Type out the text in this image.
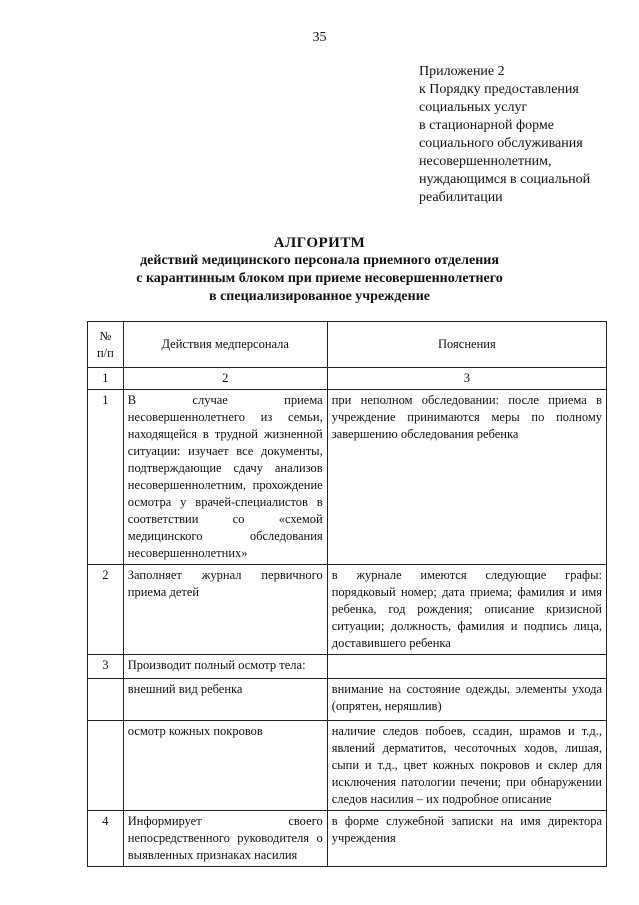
35
Приложение 2
к Порядку предоставления
социальных услуг
в стационарной форме
социального обслуживания
несовершеннолетним,
нуждающимся в социальной
реабилитации
АЛГОРИТМ
действий медицинского персонала приемного отделения
с карантинным блоком при приеме несовершеннолетнего
в специализированное учреждение
№
п/п	Действия медперсонала	Пояснения
1	2	3
1	В случае приема несовершеннолетнего из семьи, находящейся в трудной жизненной ситуации: изучает все документы, подтверждающие сдачу анализов несовершеннолетним, прохождение осмотра у врачей-специалистов в соответствии со «схемой медицинского обследования несовершеннолетних»	при неполном обследовании: после приема в учреждение принимаются меры по полному завершению обследования ребенка
2	Заполняет журнал первичного приема детей	в журнале имеются следующие графы: порядковый номер; дата приема; фамилия и имя ребенка, год рождения; описание кризисной ситуации; должность, фамилия и подпись лица, доставившего ребенка
3	Производит полный осмотр тела:	
	внешний вид ребенка	внимание на состояние одежды, элементы ухода (опрятен, неряшлив)
	осмотр кожных покровов	наличие следов побоев, ссадин, шрамов и т.д., явлений дерматитов, чесоточных ходов, лишая, сыпи и т.д., цвет кожных покровов и склер для исключения патологии печени; при обнаружении следов насилия – их подробное описание
4	Информирует своего непосредственного руководителя о выявленных признаках насилия	в форме служебной записки на имя директора учреждения
